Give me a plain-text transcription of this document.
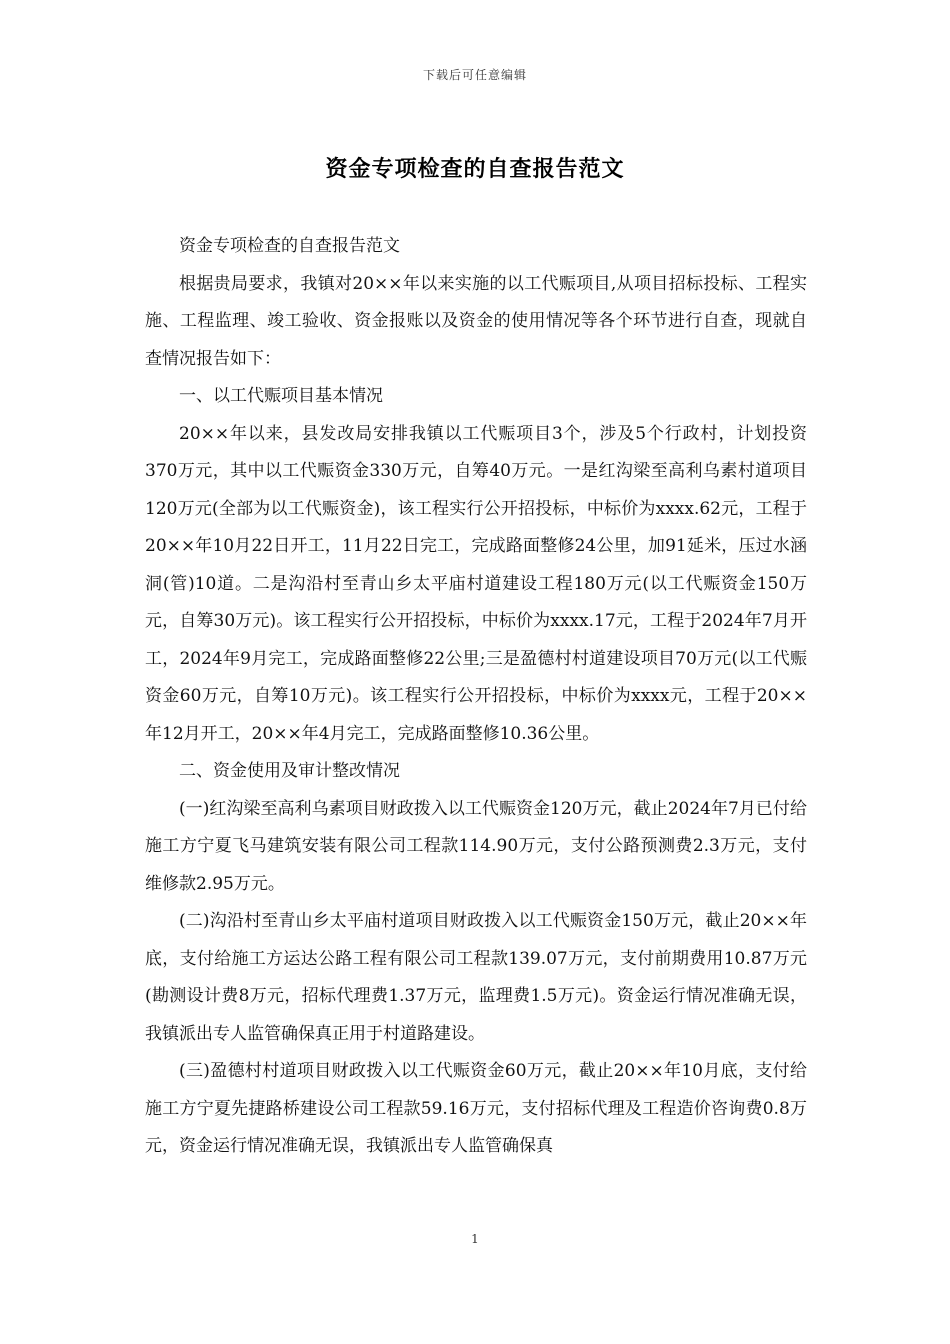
下载后可任意编辑
资金专项检查的自查报告范文

资金专项检查的自查报告范文

根据贵局要求，我镇对20××年以来实施的以工代赈项目,从项目招标投标、工程实施、工程监理、竣工验收、资金报账以及资金的使用情况等各个环节进行自查，现就自查情况报告如下：

一、以工代赈项目基本情况

20××年以来，县发改局安排我镇以工代赈项目3个，涉及5个行政村，计划投资370万元，其中以工代赈资金330万元，自筹40万元。一是红沟梁至高利乌素村道项目120万元(全部为以工代赈资金)，该工程实行公开招投标，中标价为xxxx.62元，工程于20××年10月22日开工，11月22日完工，完成路面整修24公里，加91延米，压过水涵洞(管)10道。二是沟沿村至青山乡太平庙村道建设工程180万元(以工代赈资金150万元，自筹30万元)。该工程实行公开招投标，中标价为xxxx.17元，工程于2024年7月开工，2024年9月完工，完成路面整修22公里;三是盈德村村道建设项目70万元(以工代赈资金60万元，自筹10万元)。该工程实行公开招投标，中标价为xxxx元，工程于20××年12月开工，20××年4月完工，完成路面整修10.36公里。

二、资金使用及审计整改情况

(一)红沟梁至高利乌素项目财政拨入以工代赈资金120万元，截止2024年7月已付给施工方宁夏飞马建筑安装有限公司工程款114.90万元，支付公路预测费2.3万元，支付维修款2.95万元。

(二)沟沿村至青山乡太平庙村道项目财政拨入以工代赈资金150万元，截止20××年底，支付给施工方运达公路工程有限公司工程款139.07万元，支付前期费用10.87万元(勘测设计费8万元，招标代理费1.37万元，监理费1.5万元)。资金运行情况准确无误，我镇派出专人监管确保真正用于村道路建设。

(三)盈德村村道项目财政拨入以工代赈资金60万元，截止20××年10月底，支付给施工方宁夏先捷路桥建设公司工程款59.16万元，支付招标代理及工程造价咨询费0.8万元，资金运行情况准确无误，我镇派出专人监管确保真

1
